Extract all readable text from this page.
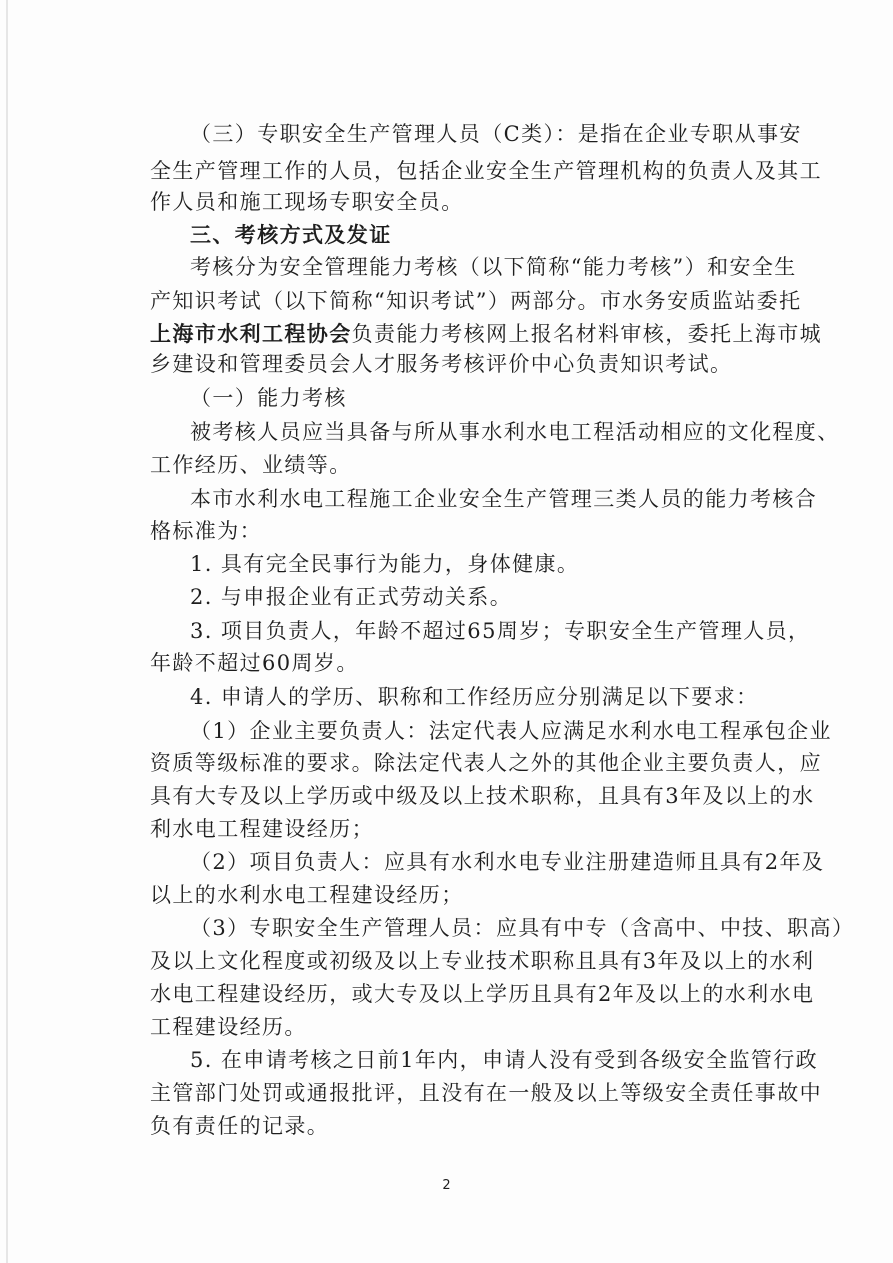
（三）专职安全生产管理人员（C类）：是指在企业专职从事安
全生产管理工作的人员，包括企业安全生产管理机构的负责人及其工
作人员和施工现场专职安全员。
三、考核方式及发证
考核分为安全管理能力考核（以下简称“能力考核”）和安全生
产知识考试（以下简称“知识考试”）两部分。市水务安质监站委托
上海市水利工程协会负责能力考核网上报名材料审核，委托上海市城
乡建设和管理委员会人才服务考核评价中心负责知识考试。
（一）能力考核
被考核人员应当具备与所从事水利水电工程活动相应的文化程度、
工作经历、业绩等。
本市水利水电工程施工企业安全生产管理三类人员的能力考核合
格标准为：
1. 具有完全民事行为能力，身体健康。
2. 与申报企业有正式劳动关系。
3. 项目负责人，年龄不超过65周岁；专职安全生产管理人员，
年龄不超过60周岁。
4. 申请人的学历、职称和工作经历应分别满足以下要求：
（1）企业主要负责人：法定代表人应满足水利水电工程承包企业
资质等级标准的要求。除法定代表人之外的其他企业主要负责人，应
具有大专及以上学历或中级及以上技术职称，且具有3年及以上的水
利水电工程建设经历；
（2）项目负责人：应具有水利水电专业注册建造师且具有2年及
以上的水利水电工程建设经历；
（3）专职安全生产管理人员：应具有中专（含高中、中技、职高）
及以上文化程度或初级及以上专业技术职称且具有3年及以上的水利
水电工程建设经历，或大专及以上学历且具有2年及以上的水利水电
工程建设经历。
5. 在申请考核之日前1年内，申请人没有受到各级安全监管行政
主管部门处罚或通报批评，且没有在一般及以上等级安全责任事故中
负有责任的记录。
2
